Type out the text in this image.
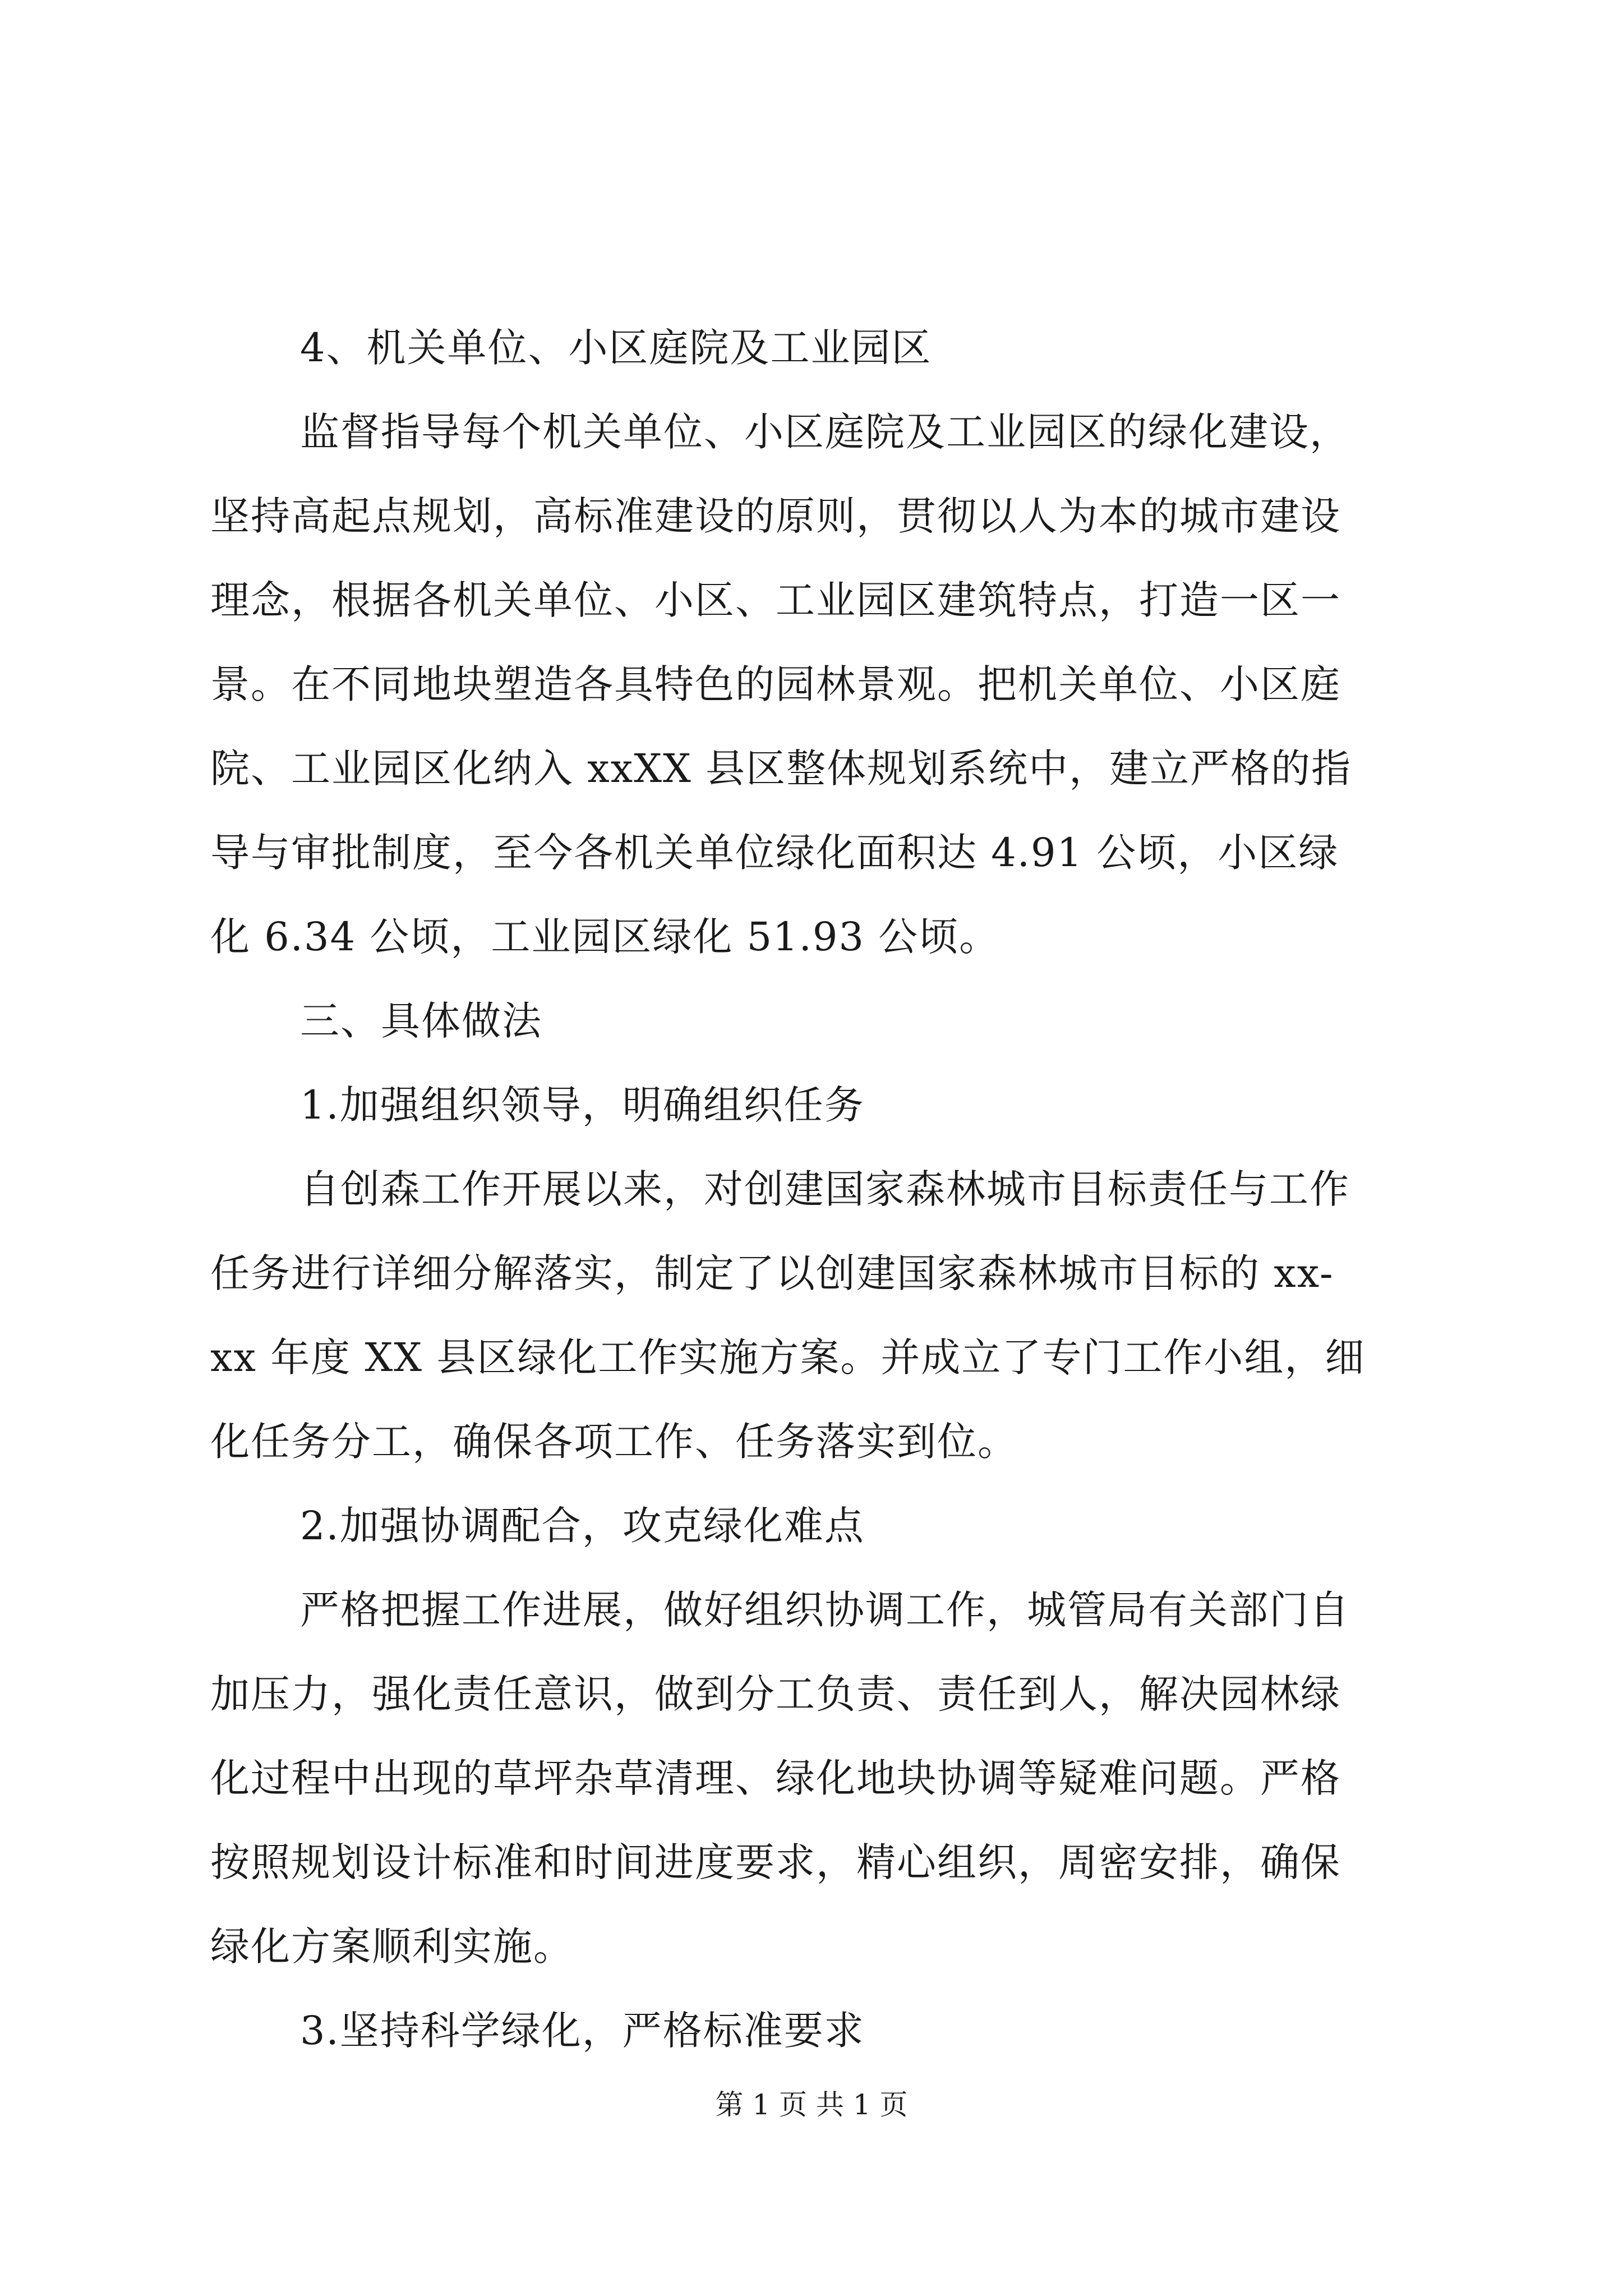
4、机关单位、小区庭院及工业园区
监督指导每个机关单位、小区庭院及工业园区的绿化建设，
坚持高起点规划，高标准建设的原则，贯彻以人为本的城市建设
理念，根据各机关单位、小区、工业园区建筑特点，打造一区一
景。在不同地块塑造各具特色的园林景观。把机关单位、小区庭
院、工业园区化纳入 xxXX 县区整体规划系统中，建立严格的指
导与审批制度，至今各机关单位绿化面积达 4.91 公顷，小区绿
化 6.34 公顷，工业园区绿化 51.93 公顷。
三、具体做法
1.加强组织领导，明确组织任务
自创森工作开展以来，对创建国家森林城市目标责任与工作
任务进行详细分解落实，制定了以创建国家森林城市目标的 xx-
xx 年度 XX 县区绿化工作实施方案。并成立了专门工作小组，细
化任务分工，确保各项工作、任务落实到位。
2.加强协调配合，攻克绿化难点
严格把握工作进展，做好组织协调工作，城管局有关部门自
加压力，强化责任意识，做到分工负责、责任到人，解决园林绿
化过程中出现的草坪杂草清理、绿化地块协调等疑难问题。严格
按照规划设计标准和时间进度要求，精心组织，周密安排，确保
绿化方案顺利实施。
3.坚持科学绿化，严格标准要求
第 1 页 共 1 页
